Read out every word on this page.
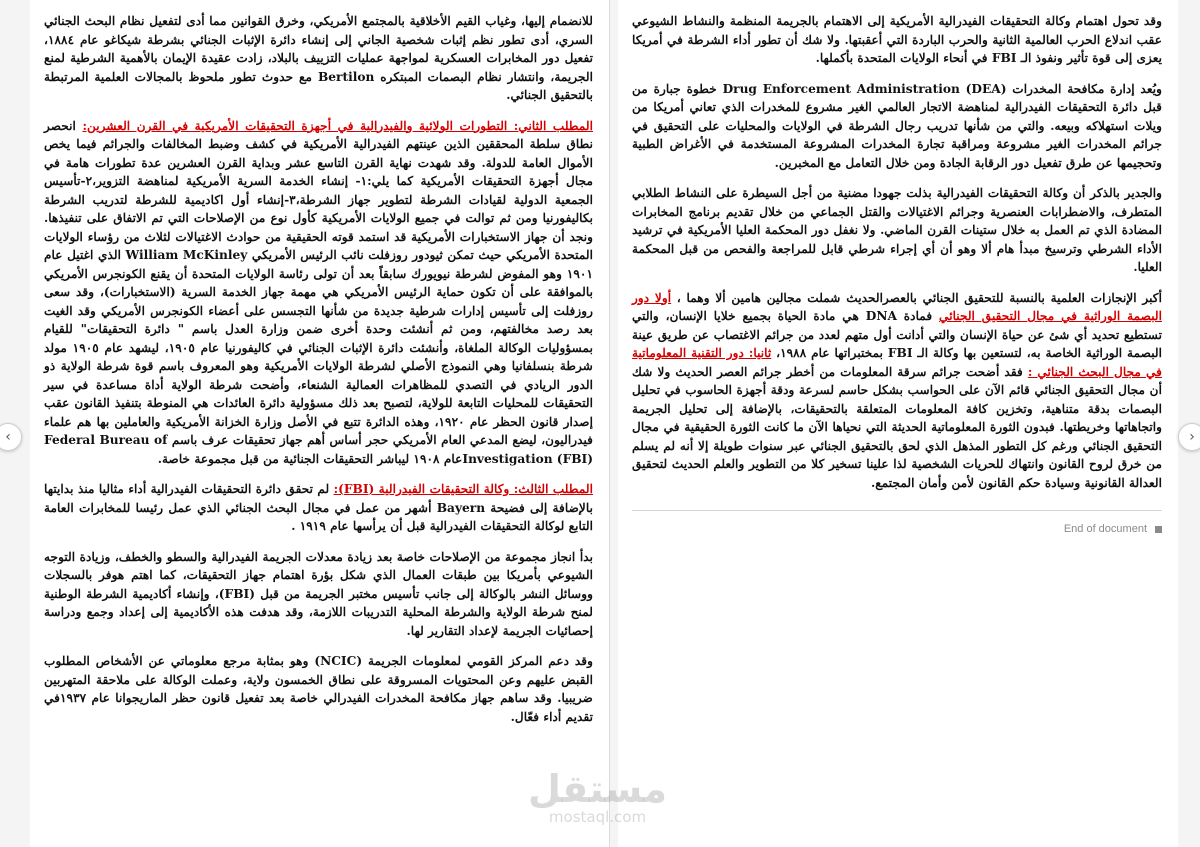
للانضمام إليها، وغياب القيم الأخلاقية بالمجتمع الأمريكي، وخرق القوانين مما أدى لتفعيل نظام البحث الجنائي السري، أدى تطور نظم إثبات شخصية الجاني إلى إنشاء دائرة الإثبات الجنائي بشرطة شيكاغو عام ١٨٨٤، تفعيل دور المخابرات العسكرية لمواجهة عمليات التزييف بالبلاد، زادت عقيدة الإيمان بالأهمية الشرطية لمنع الجريمة، وانتشار نظام البصمات المبتكره Bertilon مع حدوث تطور ملحوظ بالمجالات العلمية المرتبطة بالتحقيق الجنائي.

المطلب الثاني: التطورات الولائية والفيدرالية في أجهزة التحقيقات الأمريكية في القرن العشرين: انحصر نطاق سلطة المحققين الذين عينتهم الفيدرالية الأمريكية في كشف وضبط المخالفات والجرائم فيما يخص الأموال العامة للدولة. وقد شهدت نهاية القرن التاسع عشر وبداية القرن العشرين عدة تطورات هامة في مجال أجهزة التحقيقات الأمريكية كما يلي:١- إنشاء الخدمة السرية الأمريكية لمناهضة التزوير،٢-تأسيس الجمعية الدولية لقيادات الشرطة لتطوير جهاز الشرطة،٣-إنشاء أول اكاديمية للشرطة لتدريب الشرطة بكاليفورنيا ومن ثم توالت في جميع الولايات الأمريكية كأول نوع من الإصلاحات التي تم الاتفاق على تنفيذها. ونجد أن جهاز الاستخبارات الأمريكية قد استمد قوته الحقيقية من حوادث الاغتيالات لثلاث من رؤساء الولايات المتحدة الأمريكي حيث تمكن ثيودور روزفلت نائب الرئيس الأمريكي William McKinley الذي اغتيل عام ١٩٠١ وهو المفوض لشرطة نيويورك سابقاً بعد أن تولى رئاسة الولايات المتحدة أن يقنع الكونجرس الأمريكي بالموافقة على أن تكون حماية الرئيس الأمريكي هي مهمة جهاز الخدمة السرية (الاستخبارات)، وقد سعى روزفلت إلى تأسيس إدارات شرطية جديدة من شأنها التجسس على أعضاء الكونجرس الأمريكي وقد الغيت بعد رصد مخالفتهم، ومن ثم أنشئت وحدة أخرى ضمن وزارة العدل باسم " دائرة التحقيقات" للقيام بمسؤوليات الوكالة الملغاة، وأنشئت دائرة الإثبات الجنائي في كاليفورنيا عام ١٩٠٥، ليشهد عام ١٩٠٥ مولد شرطة بنسلفانيا وهي النموذج الأصلي لشرطة الولايات الأمريكية وهو المعروف باسم قوة شرطة الولاية ذو الدور الريادي في التصدي للمظاهرات العمالية الشنعاء، وأضحت شرطة الولاية أداة مساعدة في سير التحقيقات للمحليات التابعة للولاية، لتصبح بعد ذلك مسؤولية دائرة العائدات هي المنوطة بتنفيذ القانون عقب إصدار قانون الحظر عام ١٩٢٠، وهذه الدائرة تتبع في الأصل وزارة الخزانة الأمريكية والعاملين بها هم علماء فيدراليون، ليضع المدعي العام الأمريكي حجر أساس أهم جهاز تحقيقات عرف باسم Federal Bureau of Investigation (FBI)عام ١٩٠٨ ليباشر التحقيقات الجنائية من قبل مجموعة خاصة.

المطلب الثالث: وكالة التحقيقات الفيدرالية (FBI): لم تحقق دائرة التحقيقات الفيدرالية أداء مثاليا منذ بدايتها بالإضافة إلى فضيحة Bayern أشهر من عمل في مجال البحث الجنائي الذي عمل رئيسا للمخابرات العامة التابع لوكالة التحقيقات الفيدرالية قبل أن يرأسها عام ١٩١٩ .

بدأ انجاز مجموعة من الإصلاحات خاصة بعد زيادة معدلات الجريمة الفيدرالية والسطو والخطف، وزيادة التوجه الشيوعي بأمريكا بين طبقات العمال الذي شكل بؤرة اهتمام جهاز التحقيقات، كما اهتم هوفر بالسجلات ووسائل النشر بالوكالة إلى جانب تأسيس مختبر الجريمة من قبل (FBI)، وإنشاء أكاديمية الشرطة الوطنية لمنح شرطة الولاية والشرطة المحلية التدريبات اللازمة، وقد هدفت هذه الأكاديمية إلى إعداد وجمع ودراسة إحصائيات الجريمة لإعداد التقارير لها.

وقد دعم المركز القومي لمعلومات الجريمة (NCIC) وهو بمثابة مرجع معلوماتي عن الأشخاص المطلوب القبض عليهم وعن المحتويات المسروقة على نطاق الخمسون ولاية، وعملت الوكالة على ملاحقة المتهربين ضريبيا. وقد ساهم جهاز مكافحة المخدرات الفيدرالي خاصة بعد تفعيل قانون حظر الماريجوانا عام ١٩٣٧في تقديم أداء فعّال.

وقد تحول اهتمام وكالة التحقيقات الفيدرالية الأمريكية إلى الاهتمام بالجريمة المنظمة والنشاط الشيوعي عقب اندلاع الحرب العالمية الثانية والحرب الباردة التي أعقبتها. ولا شك أن تطور أداء الشرطة في أمريكا يعزى إلى قوة تأثير ونفوذ الـ FBI في أنحاء الولايات المتحدة بأكملها.

ويُعد إدارة مكافحة المخدرات Drug Enforcement Administration (DEA) خطوة جبارة من قبل دائرة التحقيقات الفيدرالية لمناهضة الاتجار العالمي الغير مشروع للمخدرات الذي تعاني أمريكا من ويلات استهلاكه وبيعه. والتي من شأنها تدريب رجال الشرطة في الولايات والمحليات على التحقيق في جرائم المخدرات الغير مشروعة ومراقبة تجارة المخدرات المشروعة المستخدمة في الأغراض الطبية وتحجيمها عن طرق تفعيل دور الرقابة الجادة ومن خلال التعامل مع المخبرين.

والجدير بالذكر أن وكالة التحقيقات الفيدرالية بذلت جهودا مضنية من أجل السيطرة على النشاط الطلابي المتطرف، والاضطرابات العنصرية وجرائم الاغتيالات والقتل الجماعي من خلال تقديم برنامج المخابرات المضادة الذي تم العمل به خلال ستينات القرن الماضي. ولا نغفل دور المحكمة العليا الأمريكية في ترشيد الأداء الشرطي وترسيخ مبدأ هام ألا وهو أن أي إجراء شرطي قابل للمراجعة والفحص من قبل المحكمة العليا.

أكبر الإنجازات العلمية بالنسبة للتحقيق الجنائي بالعصرالحديث شملت مجالين هامين ألا وهما ، أولا دور البصمة الوراثية في مجال التحقيق الجنائي فمادة DNA هي مادة الحياة بجميع خلايا الإنسان، والتي تستطيع تحديد أي شئ عن حياة الإنسان والتي أدانت أول متهم لعدد من جرائم الاغتصاب عن طريق عينة البصمة الوراثية الخاصة به، لتستعين بها وكالة الـ FBI بمختبراتها عام ١٩٨٨، ثانيا: دور التقنية المعلوماتية في مجال البحث الجنائي : فقد أضحت جرائم سرقة المعلومات من أخطر جرائم العصر الحديث ولا شك أن مجال التحقيق الجنائي قائم الآن على الحواسب بشكل حاسم لسرعة ودقة أجهزة الحاسوب في تحليل البصمات بدقة متناهية، وتخزين كافة المعلومات المتعلقة بالتحقيقات، بالإضافة إلى تحليل الجريمة واتجاهاتها وخريطتها. فبدون الثورة المعلوماتية الحديثة التي نحياها الآن ما كانت الثورة الحقيقية في مجال التحقيق الجنائي ورغم كل التطور المذهل الذي لحق بالتحقيق الجنائي عبر سنوات طويلة إلا أنه لم يسلم من خرق لروح القانون وانتهاك للحريات الشخصية لذا علينا تسخير كلا من التطوير والعلم الحديث لتحقيق العدالة القانونية وسيادة حكم القانون لأمن وأمان المجتمع.

End of document
‹	›
مستقل
mostaql.com
